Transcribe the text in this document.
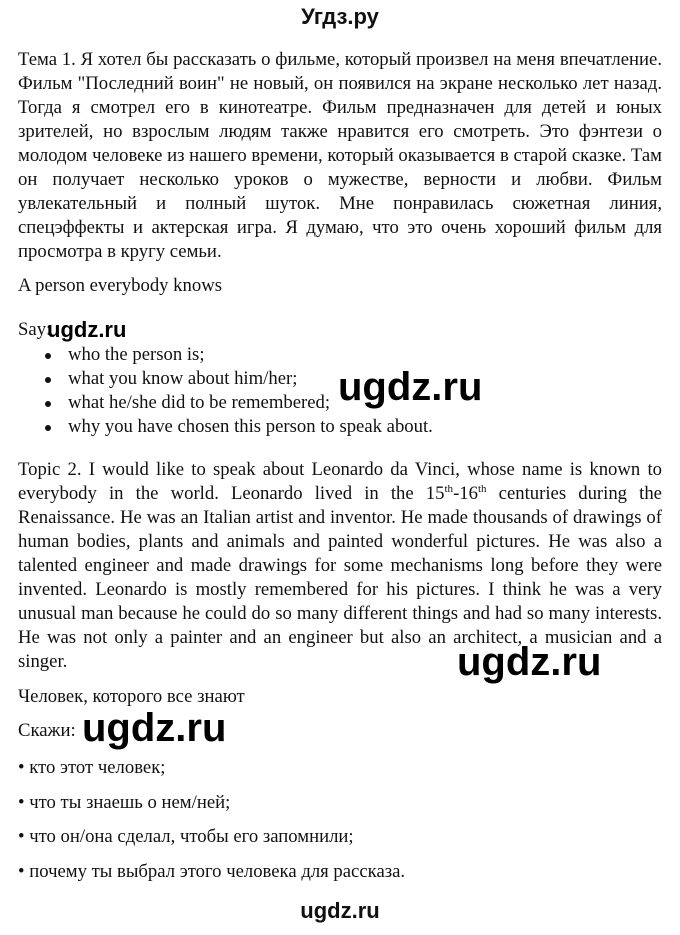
Угдз.ру

Тема 1. Я хотел бы рассказать о фильме, который произвел на меня впечатление. Фильм "Последний воин" не новый, он появился на экране несколько лет назад. Тогда я смотрел его в кинотеатре. Фильм предназначен для детей и юных зрителей, но взрослым людям также нравится его смотреть. Это фэнтези о молодом человеке из нашего времени, который оказывается в старой сказке. Там он получает несколько уроков о мужестве, верности и любви. Фильм увлекательный и полный шуток. Мне понравилась сюжетная линия, спецэффекты и актерская игра. Я думаю, что это очень хороший фильм для просмотра в кругу семьи.

A person everybody knows
Say:
who the person is;
what you know about him/her;
what he/she did to be remembered;
why you have chosen this person to speak about.

Topic 2. I would like to speak about Leonardo da Vinci, whose name is known to everybody in the world. Leonardo lived in the 15th-16th centuries during the Renaissance. He was an Italian artist and inventor. He made thousands of drawings of human bodies, plants and animals and painted wonderful pictures. He was also a talented engineer and made drawings for some mechanisms long before they were invented. Leonardo is mostly remembered for his pictures. I think he was a very unusual man because he could do so many different things and had so many interests. He was not only a painter and an engineer but also an architect, a musician and a singer.

Человек, которого все знают
Скажи:
• кто этот человек;
• что ты знаешь о нем/ней;
• что он/она сделал, чтобы его запомнили;
• почему ты выбрал этого человека для рассказа.
ugdz.ru
ugdz.ru
ugdz.ru
ugdz.ru
ugdz.ru
